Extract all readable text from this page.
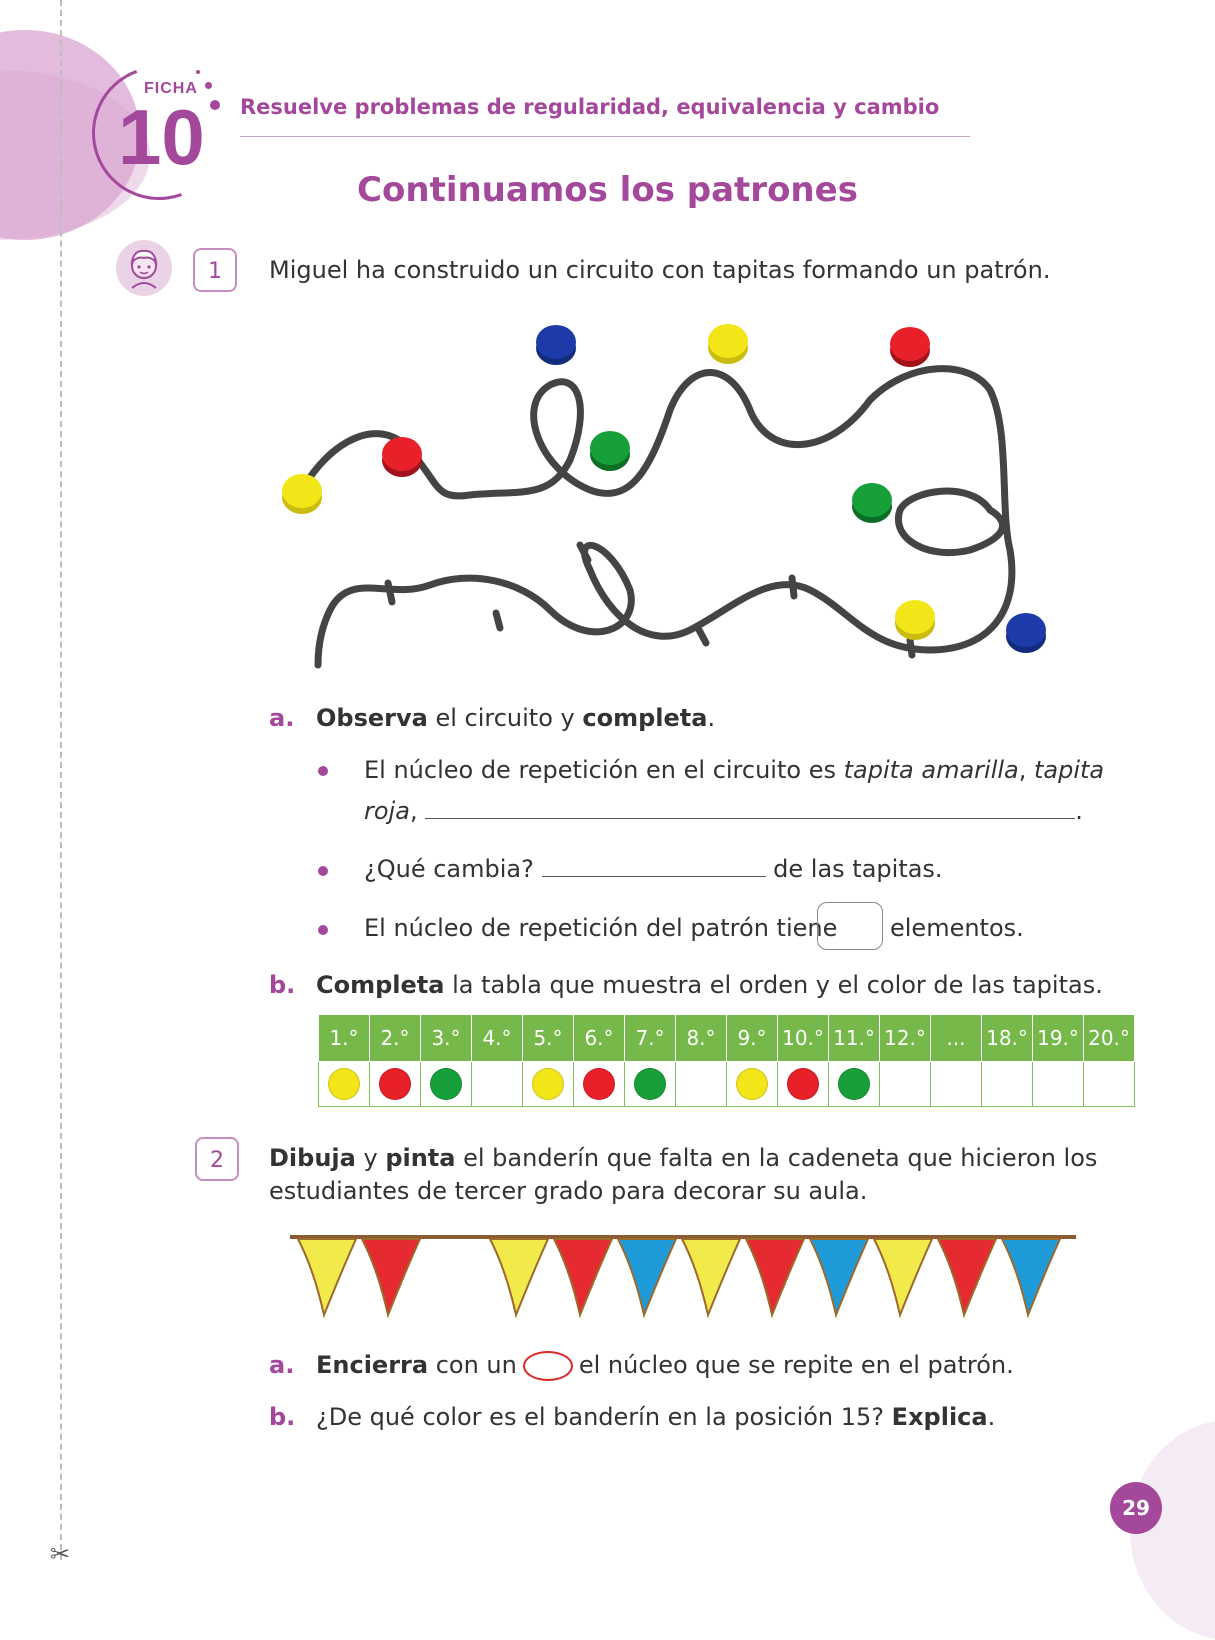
✂
FICHA
10 Resuelve problemas de regularidad, equivalencia y cambio
Continuamos los patrones
1	Miguel ha construido un circuito con tapitas formando un patrón.
a. Observa el circuito y completa.
El núcleo de repetición en el circuito es tapita amarilla, tapita
roja,	.
¿Qué cambia?	de las tapitas.
El núcleo de repetición del patrón tiene elementos.
b. Completa la tabla que muestra el orden y el color de las tapitas.
1.°	2.°	3.°	4.°	5.°	6.°	7.°	8.°	9.°	10.°	11.°	12.°	...	18.°	19.°	20.°

2	Dibuja y pinta el banderín que falta en la cadeneta que hicieron los
estudiantes de tercer grado para decorar su aula.
a. Encierra con un	el núcleo que se repite en el patrón.
b. ¿De qué color es el banderín en la posición 15? Explica.
29
